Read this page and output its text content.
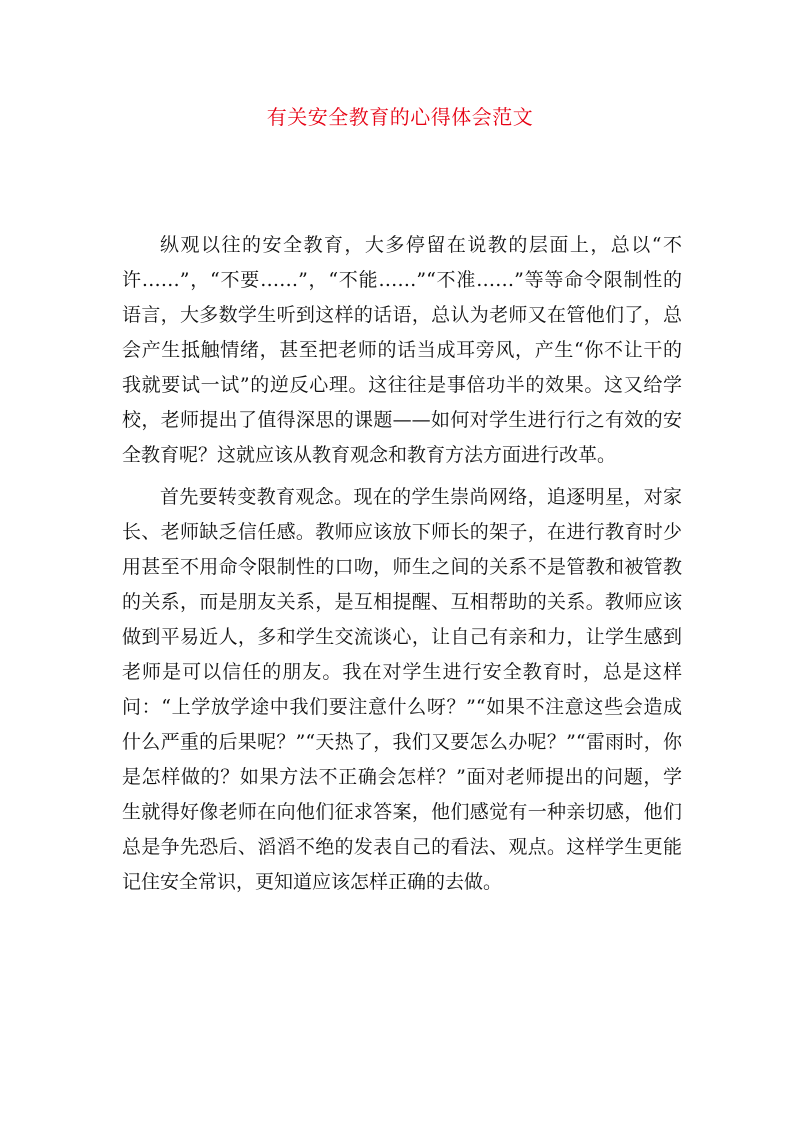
有关安全教育的心得体会范文

纵观以往的安全教育，大多停留在说教的层面上，总以“不许……”，“不要……”，“不能……”“不准……”等等命令限制性的语言，大多数学生听到这样的话语，总认为老师又在管他们了，总会产生抵触情绪，甚至把老师的话当成耳旁风，产生“你不让干的我就要试一试”的逆反心理。这往往是事倍功半的效果。这又给学校，老师提出了值得深思的课题——如何对学生进行行之有效的安全教育呢？这就应该从教育观念和教育方法方面进行改革。

首先要转变教育观念。现在的学生崇尚网络，追逐明星，对家长、老师缺乏信任感。教师应该放下师长的架子，在进行教育时少用甚至不用命令限制性的口吻，师生之间的关系不是管教和被管教的关系，而是朋友关系，是互相提醒、互相帮助的关系。教师应该做到平易近人，多和学生交流谈心，让自己有亲和力，让学生感到老师是可以信任的朋友。我在对学生进行安全教育时，总是这样问：“上学放学途中我们要注意什么呀？”“如果不注意这些会造成什么严重的后果呢？”“天热了，我们又要怎么办呢？”“雷雨时，你是怎样做的？如果方法不正确会怎样？”面对老师提出的问题，学生就得好像老师在向他们征求答案，他们感觉有一种亲切感，他们总是争先恐后、滔滔不绝的发表自己的看法、观点。这样学生更能记住安全常识，更知道应该怎样正确的去做。
